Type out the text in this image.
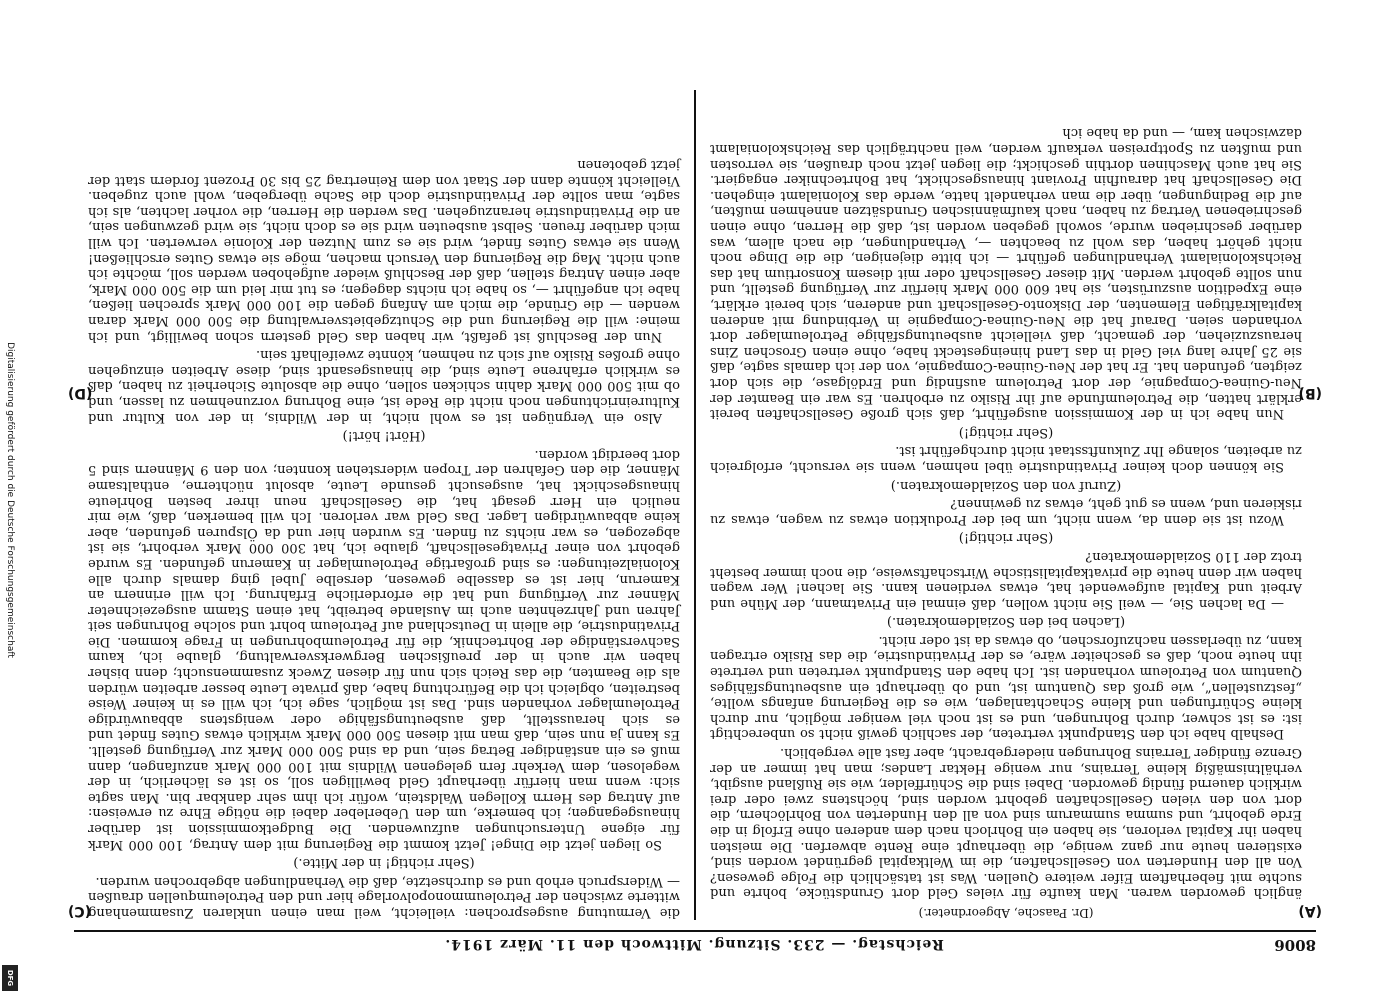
Digitalisierung gefördert durch die Deutsche Forschungsgemeinschaft
DFG
8006
Reichstag. — 233. Sitzung. Mittwoch den 11. März 1914.
(A)
(B)

(Dr. Paasche, Abgeordneter.)

änglich geworden waren. Man kaufte für vieles Geld dort Grundstücke, bohrte und suchte mit fieberhaftem Eifer weitere Quellen. Was ist tatsächlich die Folge gewesen? Von all den Hunderten von Gesellschaften, die im Weltkapital gegründet worden sind, existieren heute nur ganz wenige, die überhaupt eine Rente abwerfen. Die meisten haben ihr Kapital verloren, sie haben ein Bohrloch nach dem anderen ohne Erfolg in die Erde gebohrt, und summa summarum sind von all den Hunderten von Bohrlöchern, die dort von den vielen Gesellschaften gebohrt worden sind, höchstens zwei oder drei wirklich dauernd fündig geworden. Dabei sind die Schürffelder, wie sie Rußland ausgibt, verhältnismäßig kleine Terrains, nur wenige Hektar Landes; man hat immer an der Grenze fündiger Terrains Bohrungen niedergebracht, aber fast alle vergeblich.

Deshalb habe ich den Standpunkt vertreten, der sachlich gewiß nicht so unberechtigt ist: es ist schwer, durch Bohrungen, und es ist noch viel weniger möglich, nur durch kleine Schürfungen und kleine Schachtanlagen, wie es die Regierung anfangs wollte, „festzustellen“, wie groß das Quantum ist, und ob überhaupt ein ausbeutungsfähiges Quantum von Petroleum vorhanden ist. Ich habe den Standpunkt vertreten und vertrete ihn heute noch, daß es gescheiter wäre, es der Privatindustrie, die das Risiko ertragen kann, zu überlassen nachzuforschen, ob etwas da ist oder nicht.

(Lachen bei den Sozialdemokraten.)

— Da lachen Sie, — weil Sie nicht wollen, daß einmal ein Privatmann, der Mühe und Arbeit und Kapital aufgewendet hat, etwas verdienen kann. Sie lachen! Wer wagen haben wir denn heute die privatkapitalistische Wirtschaftsweise, die noch immer besteht trotz der 110 Sozialdemokraten?

(Sehr richtig!)

Wozu ist sie denn da, wenn nicht, um bei der Produktion etwas zu wagen, etwas zu riskieren und, wenn es gut geht, etwas zu gewinnen?

(Zuruf von den Sozialdemokraten.)

Sie können doch keiner Privatindustrie übel nehmen, wenn sie versucht, erfolgreich zu arbeiten, solange Ihr Zukunftsstaat nicht durchgeführt ist.

(Sehr richtig!)

Nun habe ich in der Kommission ausgeführt, daß sich große Gesellschaften bereit erklärt hatten, die Petroleumfunde auf ihr Risiko zu erbohren. Es war ein Beamter der Neu-Guinea-Compagnie, der dort Petroleum ausfindig und Erdölgase, die sich dort zeigten, gefunden hat. Er hat der Neu-Guinea-Compagnie, von der ich damals sagte, daß sie 25 Jahre lang viel Geld in das Land hineingesteckt habe, ohne einen Groschen Zins herauszuziehen, der gemacht, daß vielleicht ausbeutungsfähige Petroleumlager dort vorhanden seien. Darauf hat die Neu-Guinea-Compagnie in Verbindung mit anderen kapitalkräftigen Elementen, der Diskonto-Gesellschaft und anderen, sich bereit erklärt, eine Expedition auszurüsten, sie hat 600 000 Mark hierfür zur Verfügung gestellt, und nun sollte gebohrt werden. Mit dieser Gesellschaft oder mit diesem Konsortium hat das Reichskolonialamt Verhandlungen geführt — ich bitte diejenigen, die die Dinge noch nicht gehört haben, das wohl zu beachten —, Verhandlungen, die nach allem, was darüber geschrieben wurde, sowohl gegeben worden ist, daß die Herren, ohne einen geschriebenen Vertrag zu haben, nach kaufmännischen Grundsätzen annehmen mußten, auf die Bedingungen, über die man verhandelt hatte, werde das Kolonialamt eingehen. Die Gesellschaft hat daraufhin Proviant hinausgeschickt, hat Bohrtechniker engagiert. Sie hat auch Maschinen dorthin geschickt; die liegen jetzt noch draußen, sie verrosten und mußten zu Spottpreisen verkauft werden, weil nachträglich das Reichskolonialamt dazwischen kam, — und da habe ich

(C)
(D)

die Vermutung ausgesprochen: vielleicht, weil man einen unklaren Zusammenhang witterte zwischen der Petroleummonopolvorlage hier und den Petroleumquellen draußen — Widerspruch erhob und es durchsetzte, daß die Verhandlungen abgebrochen wurden.

(Sehr richtig! in der Mitte.)

So liegen jetzt die Dinge! Jetzt kommt die Regierung mit dem Antrag, 100 000 Mark für eigene Untersuchungen aufzuwenden. Die Budgetkommission ist darüber hinausgegangen; ich bemerke, um den Ueberleber dabei die nötige Ehre zu erweisen: auf Antrag des Herrn Kollegen Waldstein, wofür ich ihm sehr dankbar bin. Man sagte sich: wenn man hierfür überhaupt Geld bewilligen soll, so ist es lächerlich, in der wegelosen, dem Verkehr fern gelegenen Wildnis mit 100 000 Mark anzufangen, dann muß es ein anständiger Betrag sein, und da sind 500 000 Mark zur Verfügung gestellt. Es kann ja nun sein, daß man mit diesen 500 000 Mark wirklich etwas Gutes findet und es sich herausstellt, daß ausbeutungsfähige oder wenigstens abbauwürdige Petroleumlager vorhanden sind. Das ist möglich, sage ich, ich will es in keiner Weise bestreiten, obgleich ich die Befürchtung habe, daß private Leute besser arbeiten würden als die Beamten, die das Reich sich nun für diesen Zweck zusammensucht; denn bisher haben wir auch in der preußischen Bergwerksverwaltung, glaube ich, kaum Sachverständige der Bohrtechnik, die für Petroleumbohrungen in Frage kommen. Die Privatindustrie, die allein in Deutschland auf Petroleum bohrt und solche Bohrungen seit Jahren und Jahrzehnten auch im Auslande betreibt, hat einen Stamm ausgezeichneter Männer zur Verfügung und hat die erforderliche Erfahrung. Ich will erinnern an Kamerun, hier ist es dasselbe gewesen, derselbe Jubel ging damals durch alle Kolonialzeitungen: es sind großartige Petroleumlager in Kamerun gefunden. Es wurde gebohrt von einer Privatgesellschaft, glaube ich, hat 300 000 Mark verbohrt, sie ist abgezogen, es war nichts zu finden. Es wurden hier und da Ölspuren gefunden, aber keine abbauwürdigen Lager. Das Geld war verloren. Ich will bemerken, daß, wie mir neulich ein Herr gesagt hat, die Gesellschaft neun ihrer besten Bohrleute hinausgeschickt hat, ausgesucht gesunde Leute, absolut nüchterne, enthaltsame Männer, die den Gefahren der Tropen widerstehen konnten; von den 9 Männern sind 5 dort beerdigt worden.

(Hört! hört!)

Also ein Vergnügen ist es wohl nicht, in der Wildnis, in der von Kultur und Kultureinrichtungen noch nicht die Rede ist, eine Bohrung vorzunehmen zu lassen, und ob mit 500 000 Mark dahin schicken sollen, ohne die absolute Sicherheit zu haben, daß es wirklich erfahrene Leute sind, die hinausgesandt sind, diese Arbeiten einzugehen ohne großes Risiko auf sich zu nehmen, könnte zweifelhaft sein.

Nun der Beschluß ist gefaßt, wir haben das Geld gestern schon bewilligt, und ich meine: will die Regierung und die Schutzgebietsverwaltung die 500 000 Mark daran wenden — die Gründe, die mich am Anfang gegen die 100 000 Mark sprechen ließen, habe ich angeführt —, so habe ich nichts dagegen; es tut mir leid um die 500 000 Mark, aber einen Antrag stellen, daß der Beschluß wieder aufgehoben werden soll, möchte ich auch nicht. Mag die Regierung den Versuch machen, möge sie etwas Gutes erschließen! Wenn sie etwas Gutes findet, wird sie es zum Nutzen der Kolonie verwerten. Ich will mich darüber freuen. Selbst ausbeuten wird sie es doch nicht, sie wird gezwungen sein, an die Privatindustrie heranzugehen. Das werden die Herren, die vorher lachten, als ich sagte, man sollte der Privatindustrie doch die Sache übergeben, wohl auch zugeben. Vielleicht könnte dann der Staat von dem Reinertrag 25 bis 30 Prozent fordern statt der jetzt gebotenen
